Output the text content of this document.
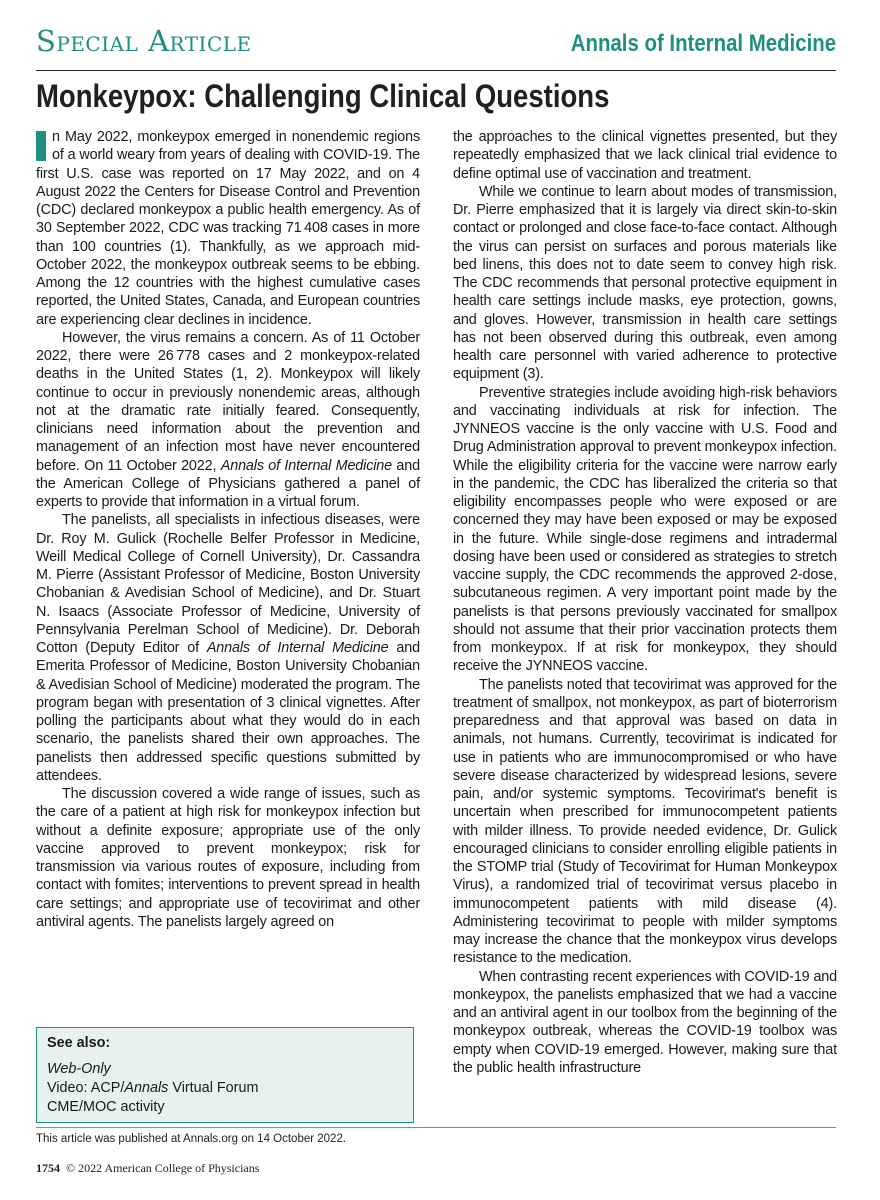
Special Article	Annals of Internal Medicine
Monkeypox: Challenging Clinical Questions

n May 2022, monkeypox emerged in nonendemic regions of a world weary from years of dealing with COVID-19. The first U.S. case was reported on 17 May 2022, and on 4 August 2022 the Centers for Disease Control and Prevention (CDC) declared monkeypox a public health emergency. As of 30 September 2022, CDC was tracking 71 408 cases in more than 100 countries (1). Thankfully, as we approach mid-October 2022, the monkeypox outbreak seems to be ebbing. Among the 12 countries with the highest cumulative cases reported, the United States, Canada, and European countries are experiencing clear declines in incidence.

However, the virus remains a concern. As of 11 October 2022, there were 26 778 cases and 2 monkeypox-related deaths in the United States (1, 2). Monkeypox will likely continue to occur in previously nonendemic areas, although not at the dramatic rate initially feared. Consequently, clinicians need information about the prevention and management of an infection most have never encountered before. On 11 October 2022, Annals of Internal Medicine and the American College of Physicians gathered a panel of experts to provide that information in a virtual forum.

The panelists, all specialists in infectious diseases, were Dr. Roy M. Gulick (Rochelle Belfer Professor in Medicine, Weill Medical College of Cornell University), Dr. Cassandra M. Pierre (Assistant Professor of Medicine, Boston University Chobanian & Avedisian School of Medicine), and Dr. Stuart N. Isaacs (Associate Professor of Medicine, University of Pennsylvania Perelman School of Medicine). Dr. Deborah Cotton (Deputy Editor of Annals of Internal Medicine and Emerita Professor of Medicine, Boston University Chobanian & Avedisian School of Medicine) moderated the program. The program began with presentation of 3 clinical vignettes. After polling the participants about what they would do in each scenario, the panelists shared their own approaches. The panelists then addressed specific questions submitted by attendees.

The discussion covered a wide range of issues, such as the care of a patient at high risk for monkeypox infection but without a definite exposure; appropriate use of the only vaccine approved to prevent monkeypox; risk for transmission via various routes of exposure, including from contact with fomites; interventions to prevent spread in health care settings; and appropriate use of tecovirimat and other antiviral agents. The panelists largely agreed on

the approaches to the clinical vignettes presented, but they repeatedly emphasized that we lack clinical trial evidence to define optimal use of vaccination and treatment.

While we continue to learn about modes of transmission, Dr. Pierre emphasized that it is largely via direct skin-to-skin contact or prolonged and close face-to-face contact. Although the virus can persist on surfaces and porous materials like bed linens, this does not to date seem to convey high risk. The CDC recommends that personal protective equipment in health care settings include masks, eye protection, gowns, and gloves. However, transmission in health care settings has not been observed during this outbreak, even among health care personnel with varied adherence to protective equipment (3).

Preventive strategies include avoiding high-risk behaviors and vaccinating individuals at risk for infection. The JYNNEOS vaccine is the only vaccine with U.S. Food and Drug Administration approval to prevent monkeypox infection. While the eligibility criteria for the vaccine were narrow early in the pandemic, the CDC has liberalized the criteria so that eligibility encompasses people who were exposed or are concerned they may have been exposed or may be exposed in the future. While single-dose regimens and intradermal dosing have been used or considered as strategies to stretch vaccine supply, the CDC recommends the approved 2-dose, subcutaneous regimen. A very important point made by the panelists is that persons previously vaccinated for smallpox should not assume that their prior vaccination protects them from monkeypox. If at risk for monkeypox, they should receive the JYNNEOS vaccine.

The panelists noted that tecovirimat was approved for the treatment of smallpox, not monkeypox, as part of bioterrorism preparedness and that approval was based on data in animals, not humans. Currently, tecovirimat is indicated for use in patients who are immunocompromised or who have severe disease characterized by widespread lesions, severe pain, and/or systemic symptoms. Tecovirimat's benefit is uncertain when prescribed for immunocompetent patients with milder illness. To provide needed evidence, Dr. Gulick encouraged clinicians to consider enrolling eligible patients in the STOMP trial (Study of Tecovirimat for Human Monkeypox Virus), a randomized trial of tecovirimat versus placebo in immunocompetent patients with mild disease (4). Administering tecovirimat to people with milder symptoms may increase the chance that the monkeypox virus develops resistance to the medication.

When contrasting recent experiences with COVID-19 and monkeypox, the panelists emphasized that we had a vaccine and an antiviral agent in our toolbox from the beginning of the monkeypox outbreak, whereas the COVID-19 toolbox was empty when COVID-19 emerged. However, making sure that the public health infrastructure

See also:
Web-Only
Video: ACP/Annals Virtual Forum
CME/MOC activity
This article was published at Annals.org on 14 October 2022.
1754 © 2022 American College of Physicians
